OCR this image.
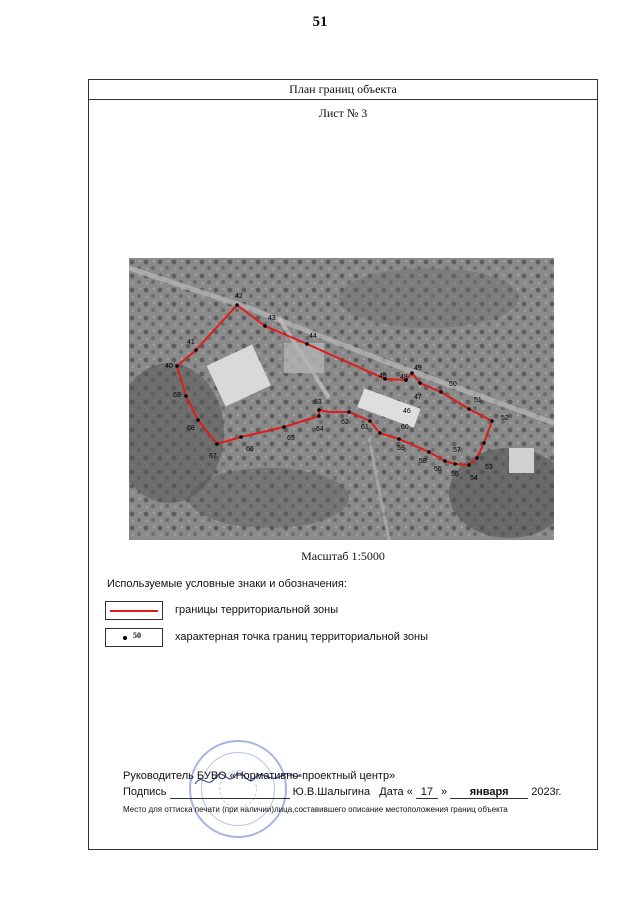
51
План границ объекта
Лист № 3
42
43
44
41
40
69
68
67
66
65
64
63
62
61	60
46
47
48
49
45
50
51
52
53
54
55
56
57
58
59
Масштаб 1:5000
Используемые условные знаки и обозначения:
границы территориальной зоны
50	характерная точка границ территориальной зоны
Руководитель БУВО «Нормативно-проектный центр»
Подпись	Ю.В.Шалыгина Дата « 17 » января 2023г.
Место для оттиска печати (при наличии)лица,составившего описание местоположения границ объекта
